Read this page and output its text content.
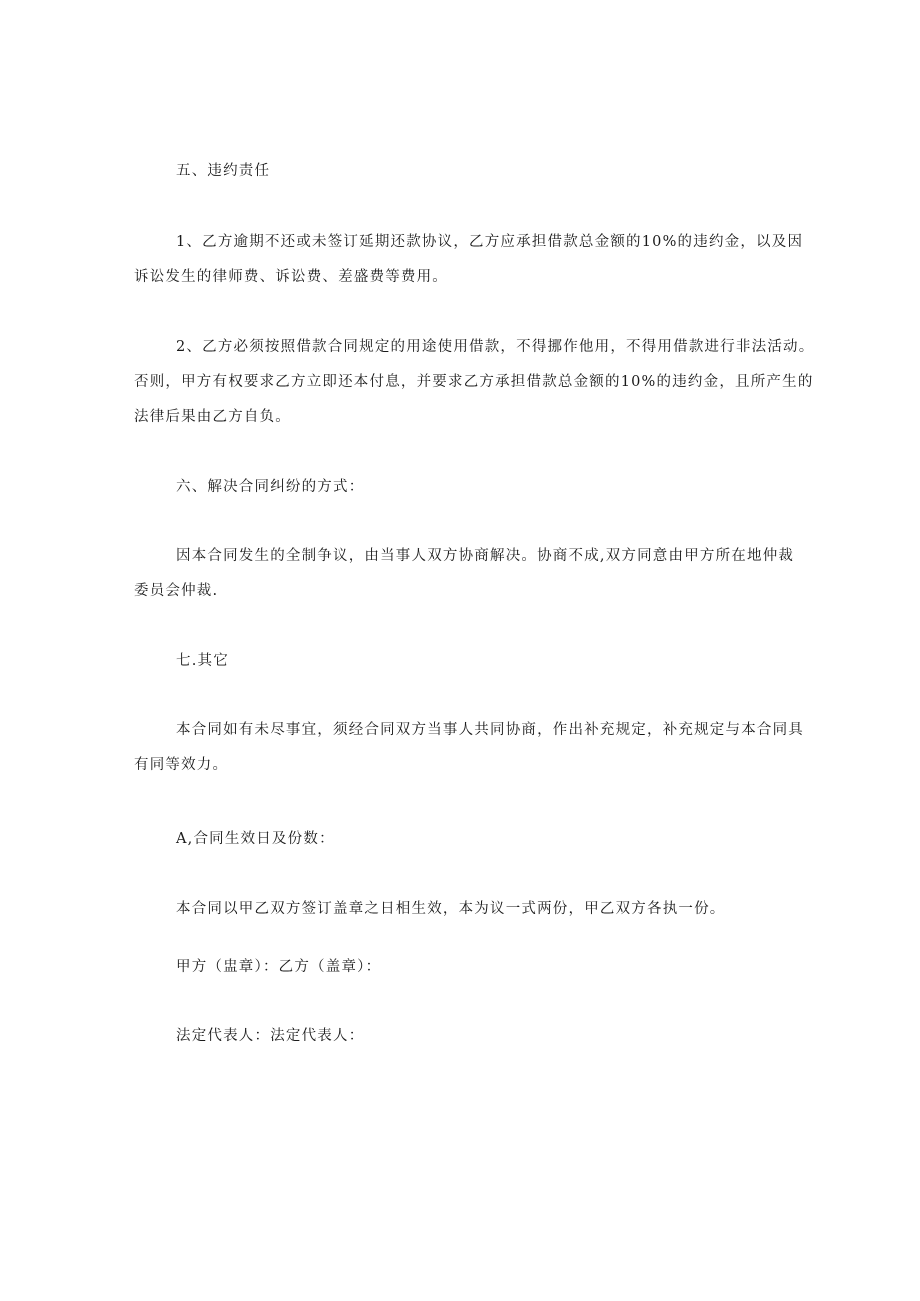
五、违约责任
1、乙方逾期不还或未签订延期还款协议，乙方应承担借款总金额的10%的违约金，以及因
诉讼发生的律师费、诉讼费、差盛费等费用。
2、乙方必须按照借款合同规定的用途使用借款，不得挪作他用，不得用借款进行非法活动。
否则，甲方有权要求乙方立即还本付息，并要求乙方承担借款总金额的10%的违约金，且所产生的
法律后果由乙方自负。
六、解决合同纠纷的方式：
因本合同发生的全制争议，由当事人双方协商解决。协商不成,双方同意由甲方所在地仲裁
委员会仲裁.
七.其它
本合同如有未尽事宜，须经合同双方当事人共同协商，作出补充规定，补充规定与本合同具
有同等效力。
A,合同生效日及份数：
本合同以甲乙双方签订盖章之日相生效，本为议一式两份，甲乙双方各执一份。
甲方（盅章）：乙方（盖章）：
法定代表人：法定代表人：
